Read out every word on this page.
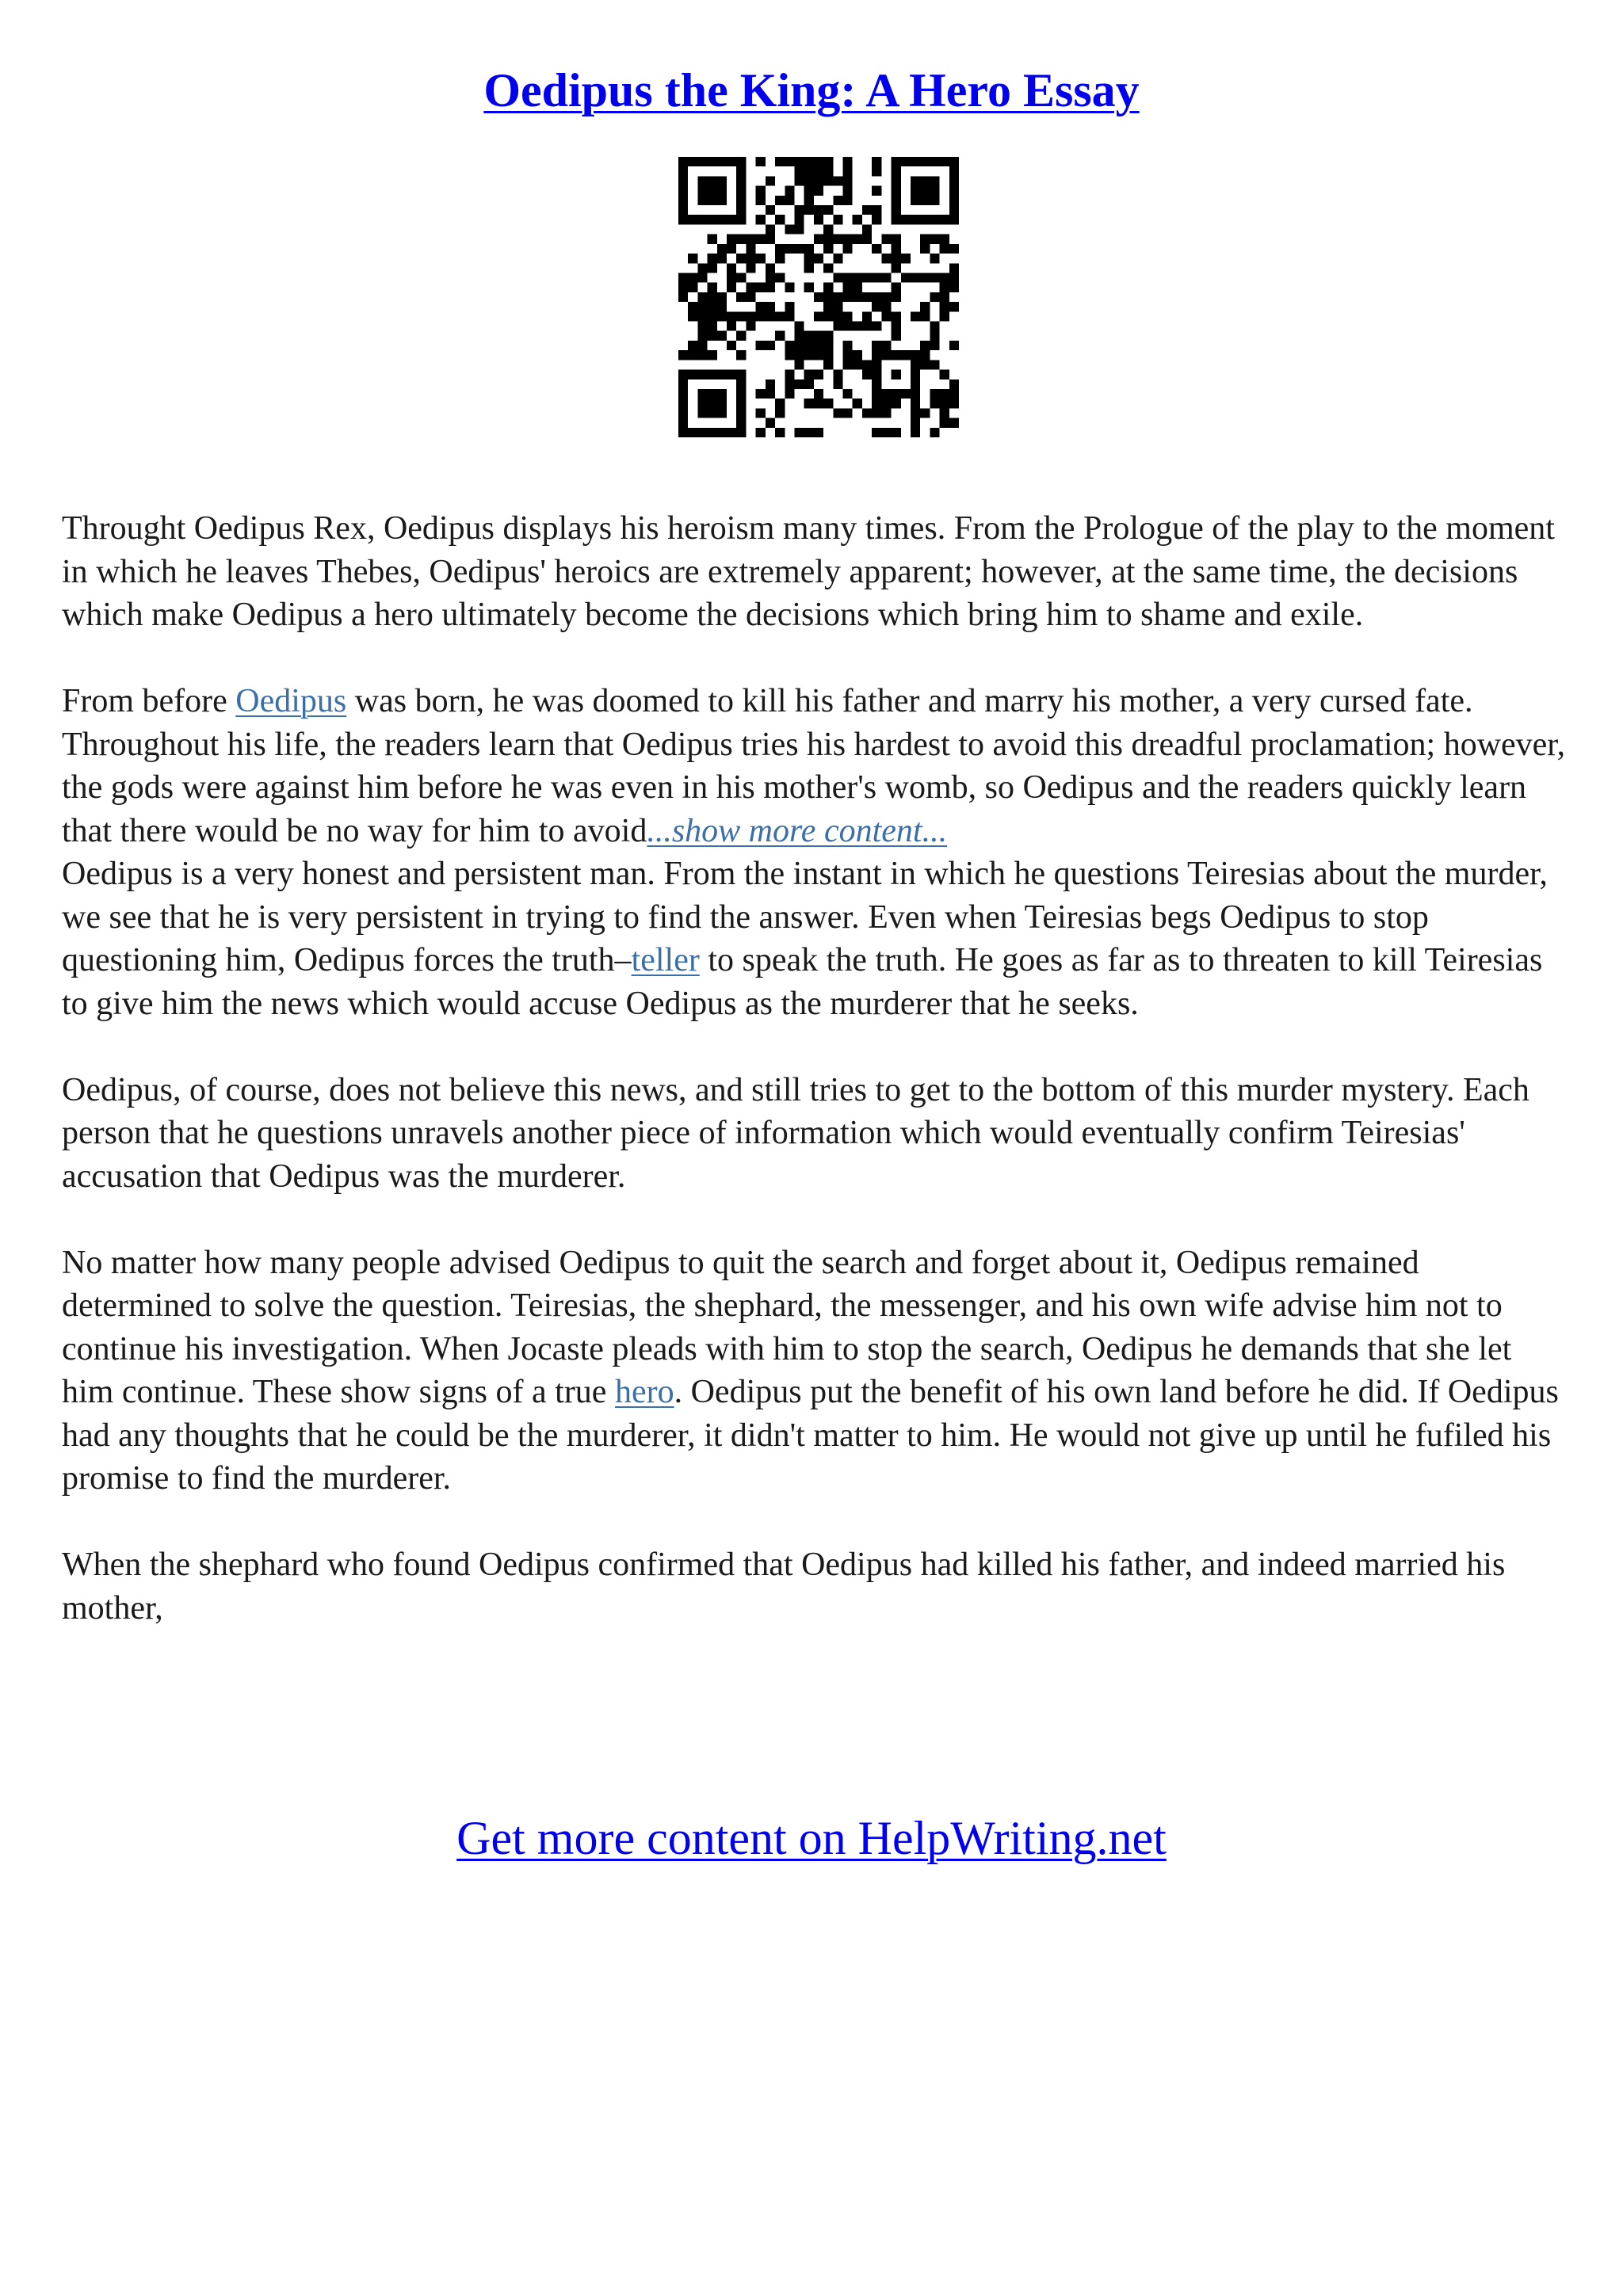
Oedipus the King: A Hero Essay

Throught Oedipus Rex, Oedipus displays his heroism many times. From the Prologue of the play to the moment in which he leaves Thebes, Oedipus' heroics are extremely apparent; however, at the same time, the decisions which make Oedipus a hero ultimately become the decisions which bring him to shame and exile.

From before Oedipus was born, he was doomed to kill his father and marry his mother, a very cursed fate. Throughout his life, the readers learn that Oedipus tries his hardest to avoid this dreadful proclamation; however, the gods were against him before he was even in his mother's womb, so Oedipus and the readers quickly learn that there would be no way for him to avoid...show more content...

Oedipus is a very honest and persistent man. From the instant in which he questions Teiresias about the murder, we see that he is very persistent in trying to find the answer. Even when Teiresias begs Oedipus to stop questioning him, Oedipus forces the truth–teller to speak the truth. He goes as far as to threaten to kill Teiresias to give him the news which would accuse Oedipus as the murderer that he seeks.

Oedipus, of course, does not believe this news, and still tries to get to the bottom of this murder mystery. Each person that he questions unravels another piece of information which would eventually confirm Teiresias' accusation that Oedipus was the murderer.

No matter how many people advised Oedipus to quit the search and forget about it, Oedipus remained determined to solve the question. Teiresias, the shephard, the messenger, and his own wife advise him not to continue his investigation. When Jocaste pleads with him to stop the search, Oedipus he demands that she let him continue. These show signs of a true hero. Oedipus put the benefit of his own land before he did. If Oedipus had any thoughts that he could be the murderer, it didn't matter to him. He would not give up until he fufiled his promise to find the murderer.

When the shephard who found Oedipus confirmed that Oedipus had killed his father, and indeed married his mother,

Get more content on HelpWriting.net
